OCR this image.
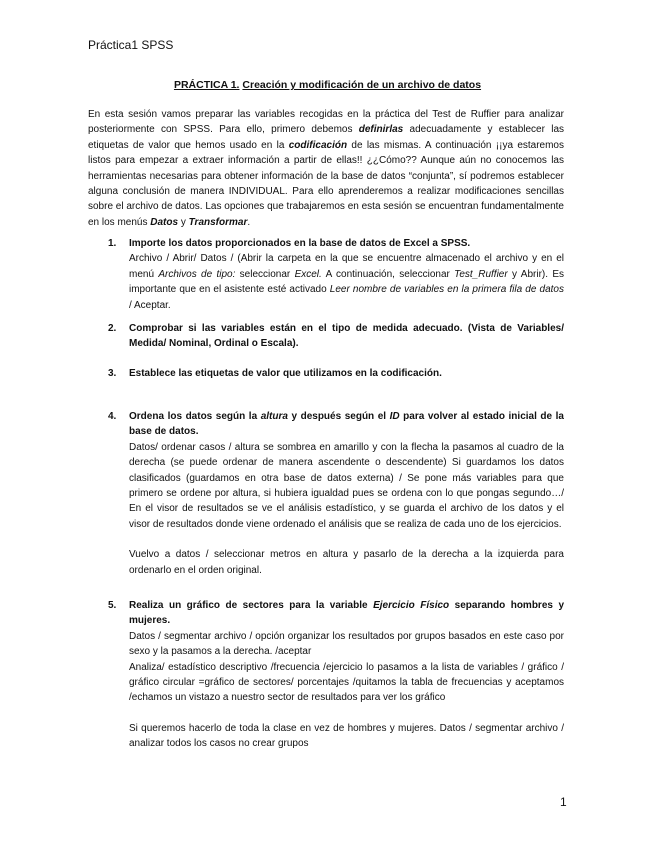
Práctica1 SPSS
PRÁCTICA 1. Creación y modificación de un archivo de datos

En esta sesión vamos preparar las variables recogidas en la práctica del Test de Ruffier para analizar posteriormente con SPSS. Para ello, primero debemos definirlas adecuadamente y establecer las etiquetas de valor que hemos usado en la codificación de las mismas. A continuación ¡¡ya estaremos listos para empezar a extraer información a partir de ellas!! ¿¿Cómo?? Aunque aún no conocemos las herramientas necesarias para obtener información de la base de datos “conjunta”, sí podremos establecer alguna conclusión de manera INDIVIDUAL. Para ello aprenderemos a realizar modificaciones sencillas sobre el archivo de datos. Las opciones que trabajaremos en esta sesión se encuentran fundamentalmente en los menús Datos y Transformar.

1.	Importe los datos proporcionados en la base de datos de Excel a SPSS.
Archivo / Abrir/ Datos / (Abrir la carpeta en la que se encuentre almacenado el archivo y en el menú Archivos de tipo: seleccionar Excel. A continuación, seleccionar Test_Ruffier y Abrir). Es importante que en el asistente esté activado Leer nombre de variables en la primera fila de datos / Aceptar.
2.	Comprobar si las variables están en el tipo de medida adecuado. (Vista de Variables/ Medida/ Nominal, Ordinal o Escala).
3.	Establece las etiquetas de valor que utilizamos en la codificación.
4.	Ordena los datos según la altura y después según el ID para volver al estado inicial de la base de datos.
Datos/ ordenar casos / altura se sombrea en amarillo y con la flecha la pasamos al cuadro de la derecha (se puede ordenar de manera ascendente o descendente) Si guardamos los datos clasificados (guardamos en otra base de datos externa) / Se pone más variables para que primero se ordene por altura, si hubiera igualdad pues se ordena con lo que pongas segundo…/ En el visor de resultados se ve el análisis estadístico, y se guarda el archivo de los datos y el visor de resultados donde viene ordenado el análisis que se realiza de cada uno de los ejercicios.
Vuelvo a datos / seleccionar metros en altura y pasarlo de la derecha a la izquierda para ordenarlo en el orden original.
5.	Realiza un gráfico de sectores para la variable Ejercicio Físico separando hombres y mujeres.
Datos / segmentar archivo / opción organizar los resultados por grupos basados en este caso por sexo y la pasamos a la derecha. /aceptar
Analiza/ estadístico descriptivo /frecuencia /ejercicio lo pasamos a la lista de variables / gráfico / gráfico circular =gráfico de sectores/ porcentajes /quitamos la tabla de frecuencias y aceptamos /echamos un vistazo a nuestro sector de resultados para ver los gráfico
Si queremos hacerlo de toda la clase en vez de hombres y mujeres. Datos / segmentar archivo / analizar todos los casos no crear grupos
1
